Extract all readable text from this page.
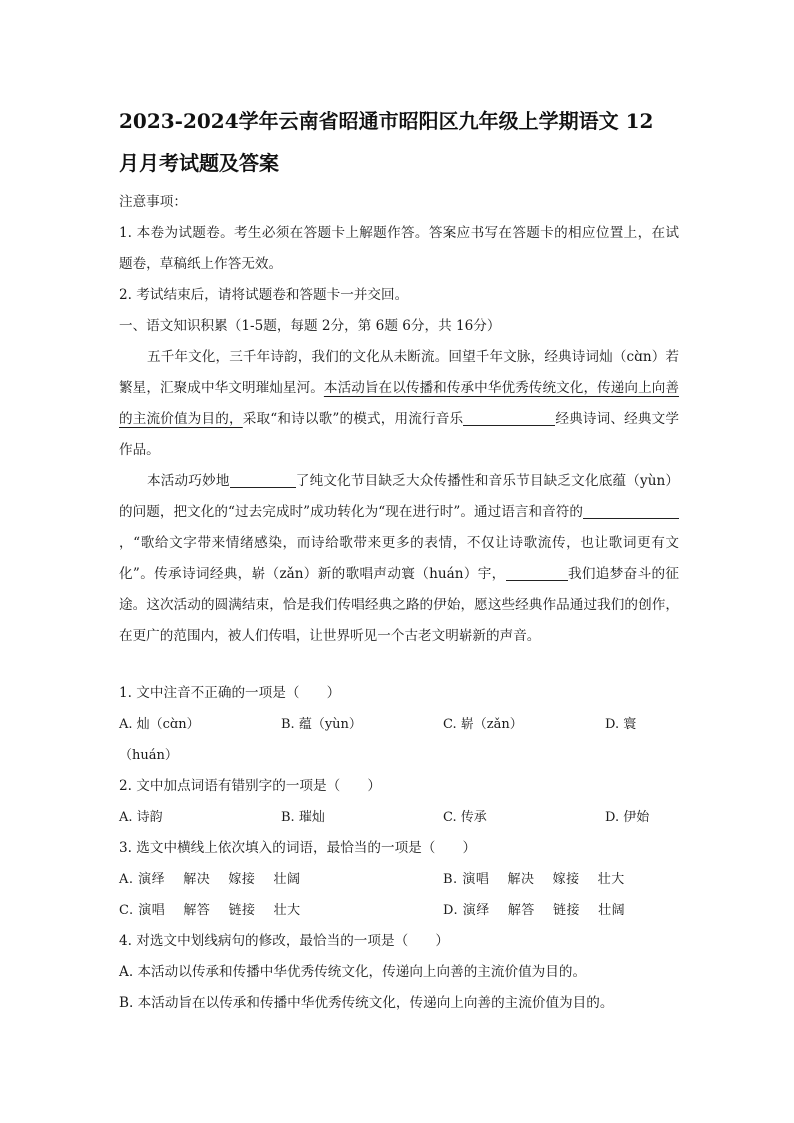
2023-2024学年云南省昭通市昭阳区九年级上学期语文 12 月月考试题及答案

注意事项：

1. 本卷为试题卷。考生必须在答题卡上解题作答。答案应书写在答题卡的相应位置上，在试题卷，草稿纸上作答无效。

2. 考试结束后，请将试题卷和答题卡一并交回。

一、语文知识积累（1-5题，每题 2分，第 6题 6分，共 16分）

五千年文化，三千年诗韵，我们的文化从未断流。回望千年文脉，经典诗词灿（cɑ̀n）若繁星，汇聚成中华文明璀灿星河。本活动旨在以传播和传承中华优秀传统文化，传递向上向善的主流价值为目的，采取“和诗以歌”的模式，用流行音乐	经典诗词、经典文学作品。

本活动巧妙地	了纯文化节目缺乏大众传播性和音乐节目缺乏文化底蕴（yùn）的问题，把文化的“过去完成时”成功转化为“现在进行时”。通过语言和音符的，“歌给文字带来情绪感染，而诗给歌带来更多的表情，不仅让诗歌流传，也让歌词更有文化”。传承诗词经典，崭（zǎn）新的歌唱声动寰（huán）宇，	我们追梦奋斗的征途。这次活动的圆满结束，恰是我们传唱经典之路的伊始，愿这些经典作品通过我们的创作，在更广的范围内，被人们传唱，让世界听见一个古老文明崭新的声音。

1. 文中注音不正确的一项是（　　）

A. 灿（cɑ̀n）	B. 蕴（yùn）	C. 崭（zǎn）	D. 寰
（huán）

2. 文中加点词语有错别字的一项是（　　）

A. 诗韵	B. 璀灿	C. 传承	D. 伊始

3. 选文中横线上依次填入的词语，最恰当的一项是（　　）

A. 演绎　 解决　 嫁接　 壮阔	B. 演唱　 解决　 嫁接　 壮大
C. 演唱　 解答　 链接　 壮大	D. 演绎　 解答　 链接　 壮阔

4. 对选文中划线病句的修改，最恰当的一项是（　　）

A. 本活动以传承和传播中华优秀传统文化，传递向上向善的主流价值为目的。

B. 本活动旨在以传承和传播中华优秀传统文化，传递向上向善的主流价值为目的。
